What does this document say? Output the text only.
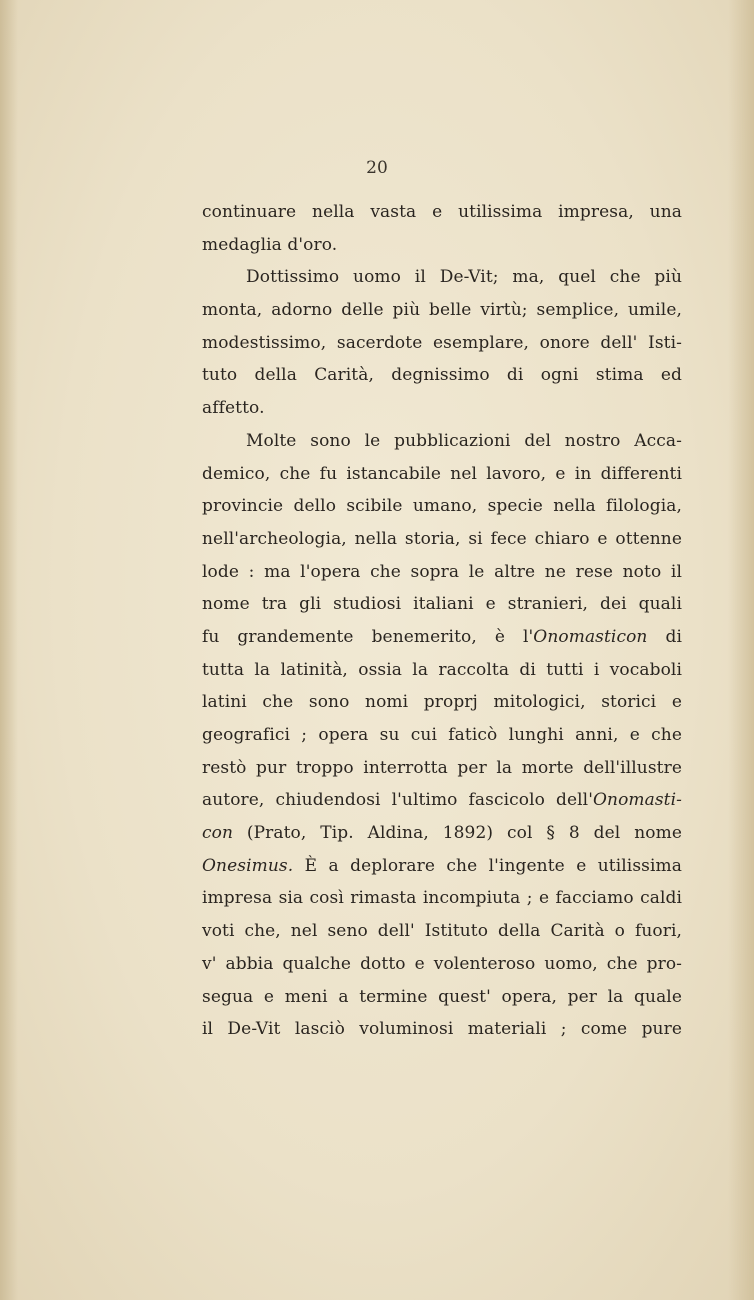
20
continuare nella vasta e utilissima impresa, una
medaglia d'oro.
Dottissimo uomo il De-Vit; ma, quel che più
monta, adorno delle più belle virtù; semplice, umile,
modestissimo, sacerdote esemplare, onore dell' Isti-
tuto della Carità, degnissimo di ogni stima ed
affetto.
Molte sono le pubblicazioni del nostro Acca-
demico, che fu istancabile nel lavoro, e in differenti
provincie dello scibile umano, specie nella filologia,
nell'archeologia, nella storia, si fece chiaro e ottenne
lode : ma l'opera che sopra le altre ne rese noto il
nome tra gli studiosi italiani e stranieri, dei quali
fu grandemente benemerito, è l'Onomasticon di
tutta la latinità, ossia la raccolta di tutti i vocaboli
latini che sono nomi proprj mitologici, storici e
geografici ; opera su cui faticò lunghi anni, e che
restò pur troppo interrotta per la morte dell'illustre
autore, chiudendosi l'ultimo fascicolo dell'Onomasti-
con (Prato, Tip. Aldina, 1892) col § 8 del nome
Onesimus. È a deplorare che l'ingente e utilissima
impresa sia così rimasta incompiuta ; e facciamo caldi
voti che, nel seno dell' Istituto della Carità o fuori,
v' abbia qualche dotto e volenteroso uomo, che pro-
segua e meni a termine quest' opera, per la quale
il De-Vit lasciò voluminosi materiali ; come pure
